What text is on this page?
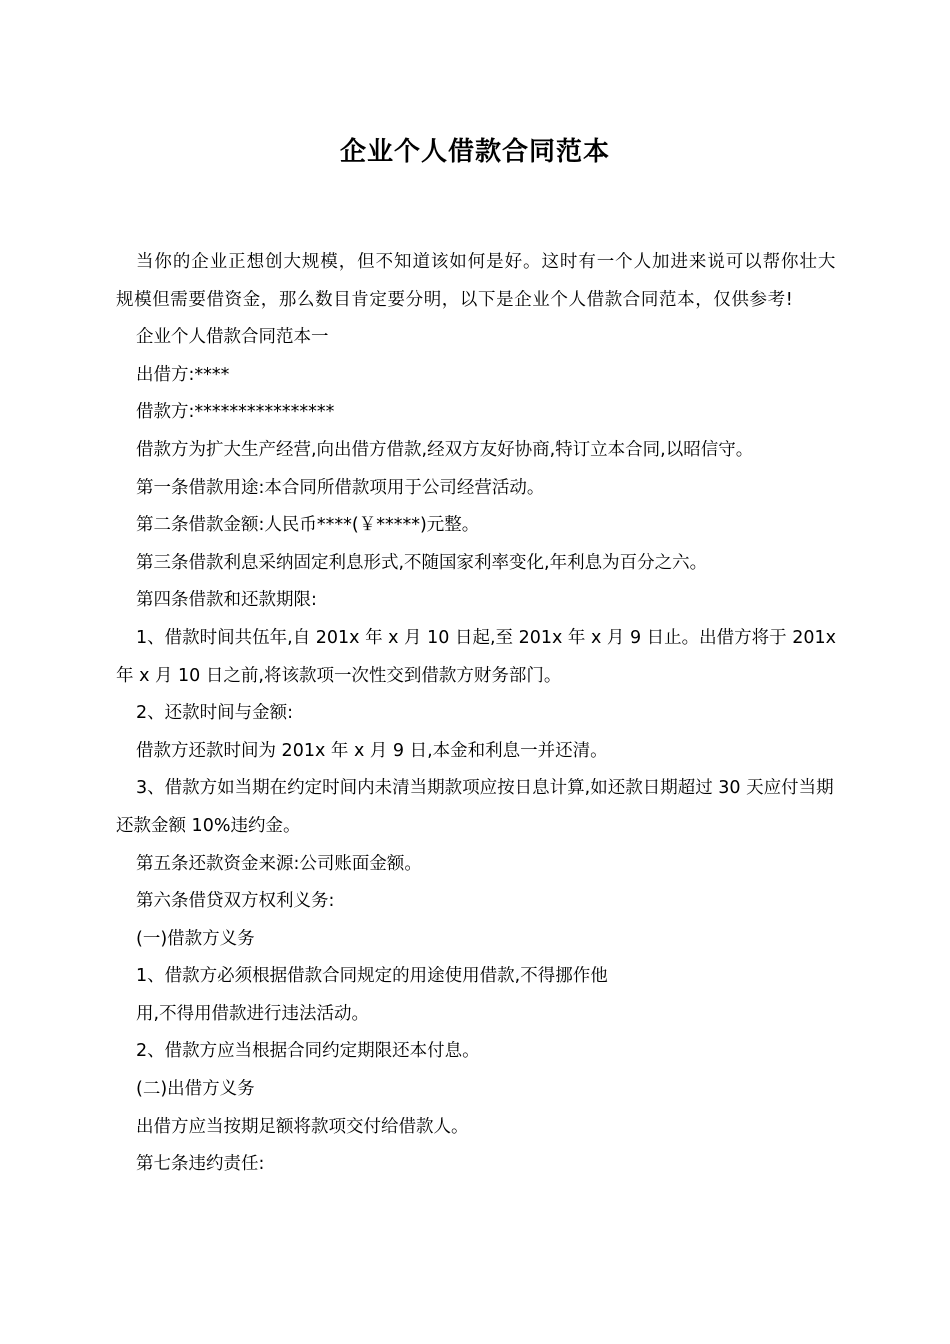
企业个人借款合同范本

当你的企业正想创大规模，但不知道该如何是好。这时有一个人加进来说可以帮你壮大规模但需要借资金，那么数目肯定要分明，以下是企业个人借款合同范本，仅供参考!

企业个人借款合同范本一

出借方:****

借款方:****************

借款方为扩大生产经营,向出借方借款,经双方友好协商,特订立本合同,以昭信守。

第一条借款用途:本合同所借款项用于公司经营活动。

第二条借款金额:人民币****(￥*****)元整。

第三条借款利息采纳固定利息形式,不随国家利率变化,年利息为百分之六。

第四条借款和还款期限:

1、借款时间共伍年,自 201x 年 x 月 10 日起,至 201x 年 x 月 9 日止。出借方将于 201x 年 x 月 10 日之前,将该款项一次性交到借款方财务部门。

2、还款时间与金额:

借款方还款时间为 201x 年 x 月 9 日,本金和利息一并还清。

3、借款方如当期在约定时间内未清当期款项应按日息计算,如还款日期超过 30 天应付当期还款金额 10%违约金。

第五条还款资金来源:公司账面金额。

第六条借贷双方权利义务:

(一)借款方义务

1、借款方必须根据借款合同规定的用途使用借款,不得挪作他

用,不得用借款进行违法活动。

2、借款方应当根据合同约定期限还本付息。

(二)出借方义务

出借方应当按期足额将款项交付给借款人。

第七条违约责任:
